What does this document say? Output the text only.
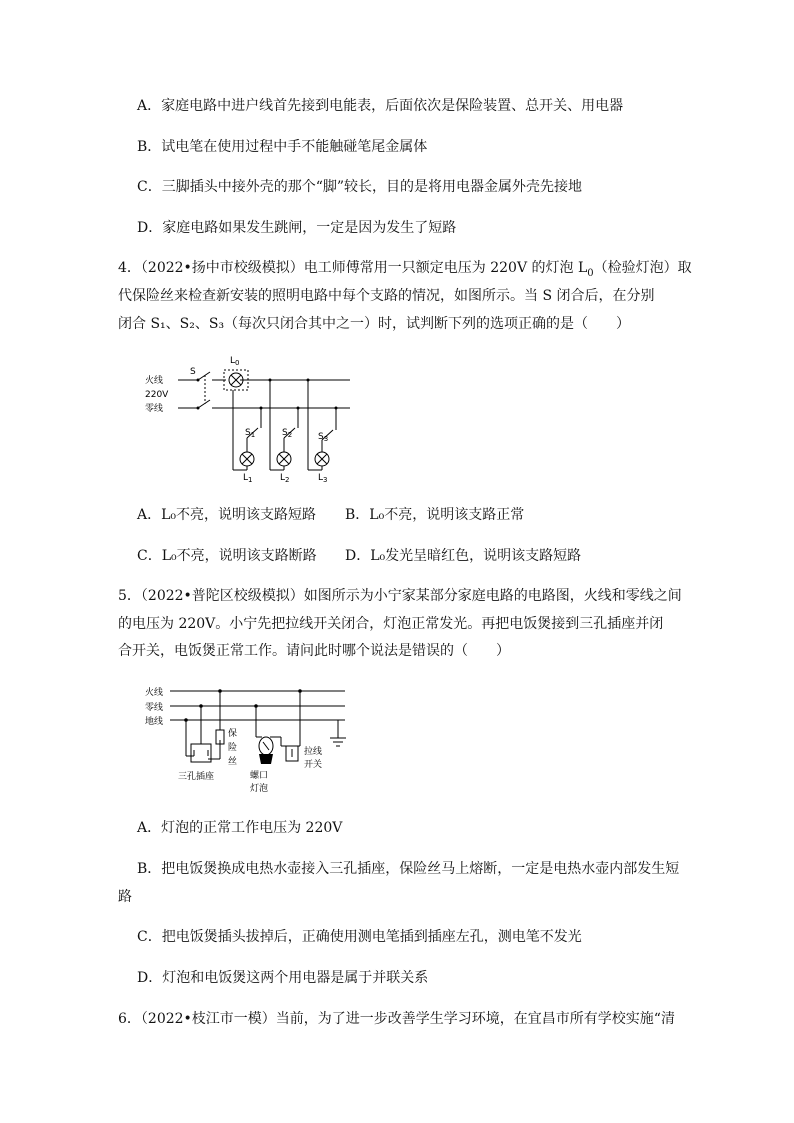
A．家庭电路中进户线首先接到电能表，后面依次是保险装置、总开关、用电器
B．试电笔在使用过程中手不能触碰笔尾金属体
C．三脚插头中接外壳的那个“脚”较长，目的是将用电器金属外壳先接地
D．家庭电路如果发生跳闸，一定是因为发生了短路
4．（2022•扬中市校级模拟）电工师傅常用一只额定电压为 220V 的灯泡 $L_0$（检验灯泡）取
代保险丝来检查新安装的照明电路中每个支路的情况，如图所示。当 S 闭合后，在分别
闭合 S₁、S₂、S₃（每次只闭合其中之一）时，试判断下列的选项正确的是（　　）
火线
220V
零线
S
$L_0$
$S_1$	$S_2$	$S_3$
$L_1$	$L_2$	$L_3$
A．L₀不亮，说明该支路短路 B．L₀不亮，说明该支路正常
C．L₀不亮，说明该支路断路 D．L₀发光呈暗红色，说明该支路短路
5．（2022•普陀区校级模拟）如图所示为小宁家某部分家庭电路的电路图，火线和零线之间
的电压为 220V。小宁先把拉线开关闭合，灯泡正常发光。再把电饭煲接到三孔插座并闭
合开关，电饭煲正常工作。请问此时哪个说法是错误的（　　）
火线
零线
地线
保
险
丝
三孔插座	螺口
灯泡
拉线
开关
A．灯泡的正常工作电压为 220V
B．把电饭煲换成电热水壶接入三孔插座，保险丝马上熔断，一定是电热水壶内部发生短
路
C．把电饭煲插头拔掉后，正确使用测电笔插到插座左孔，测电笔不发光
D．灯泡和电饭煲这两个用电器是属于并联关系
6．（2022•枝江市一模）当前，为了进一步改善学生学习环境，在宜昌市所有学校实施“清
